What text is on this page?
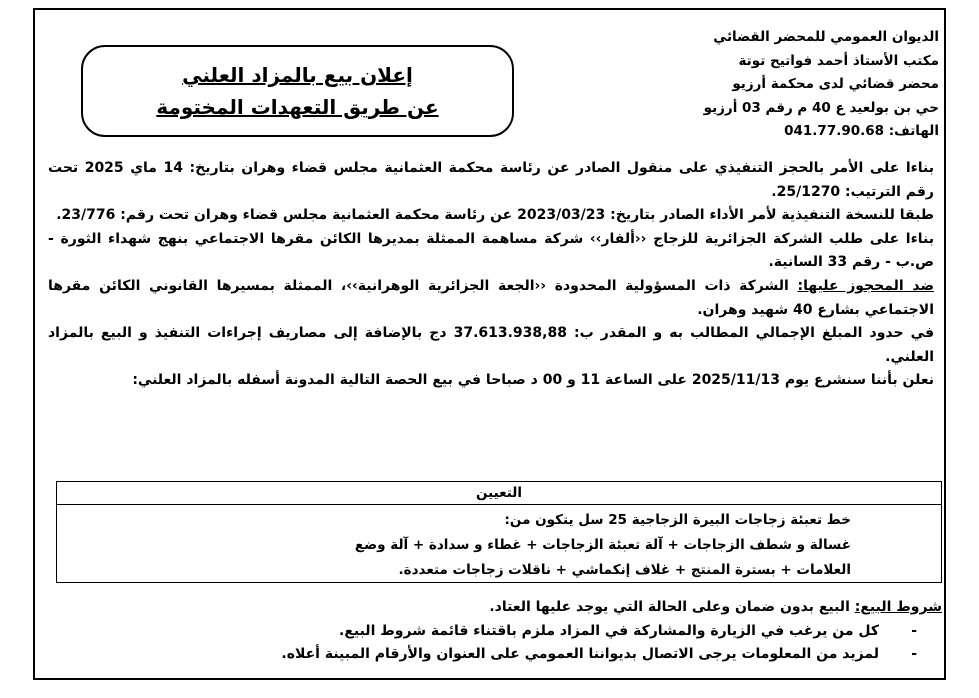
الديوان العمومي للمحضر القضائي
مكتب الأستاذ أحمد فواتيح توتة
محضر قضائي لدى محكمة أرزيو
حي بن بولعيد ع 40 م رقم 03 أرزيو
الهاتف: 041.77.90.68
إعلان بيع بالمزاد العلني
عن طريق التعهدات المختومة

بناءا على الأمر بالحجز التنفيذي على منقول الصادر عن رئاسة محكمة العثمانية مجلس قضاء وهران بتاريخ: 14 ماي 2025 تحت رقم الترتيب: 25/1270.

طبقا للنسخة التنفيذية لأمر الأداء الصادر بتاريخ: 2023/03/23 عن رئاسة محكمة العثمانية مجلس قضاء وهران تحت رقم: 23/776.

بناءا على طلب الشركة الجزائرية للزجاج ‹‹ألفار›› شركة مساهمة الممثلة بمديرها الكائن مقرها الاجتماعي بنهج شهداء الثورة - ص.ب - رقم 33 السانية.

ضد المحجوز عليها: الشركة ذات المسؤولية المحدودة ‹‹الجعة الجزائرية الوهرانية››، الممثلة بمسيرها القانوني الكائن مقرها الاجتماعي بشارع 40 شهيد وهران.

في حدود المبلغ الإجمالي المطالب به و المقدر ب: 37.613.938,88 دج بالإضافة إلى مصاريف إجراءات التنفيذ و البيع بالمزاد العلني.

نعلن بأننا سنشرع يوم 2025/11/13 على الساعة 11 و 00 د صباحا في بيع الحصة التالية المدونة أسفله بالمزاد العلني:

التعيين
خط تعبئة زجاجات البيرة الزجاجية 25 سل يتكون من:
غسالة و شطف الزجاجات + آلة تعبئة الزجاجات + غطاء و سدادة + آلة وضع
العلامات + بسترة المنتج + غلاف إنكماشي + ناقلات زجاجات متعددة.
شروط البيع: البيع بدون ضمان وعلى الحالة التي يوجد عليها العتاد.
-كل من يرغب في الزيارة والمشاركة في المزاد ملزم باقتناء قائمة شروط البيع.
-لمزيد من المعلومات يرجى الاتصال بديواننا العمومي على العنوان والأرقام المبينة أعلاه.
